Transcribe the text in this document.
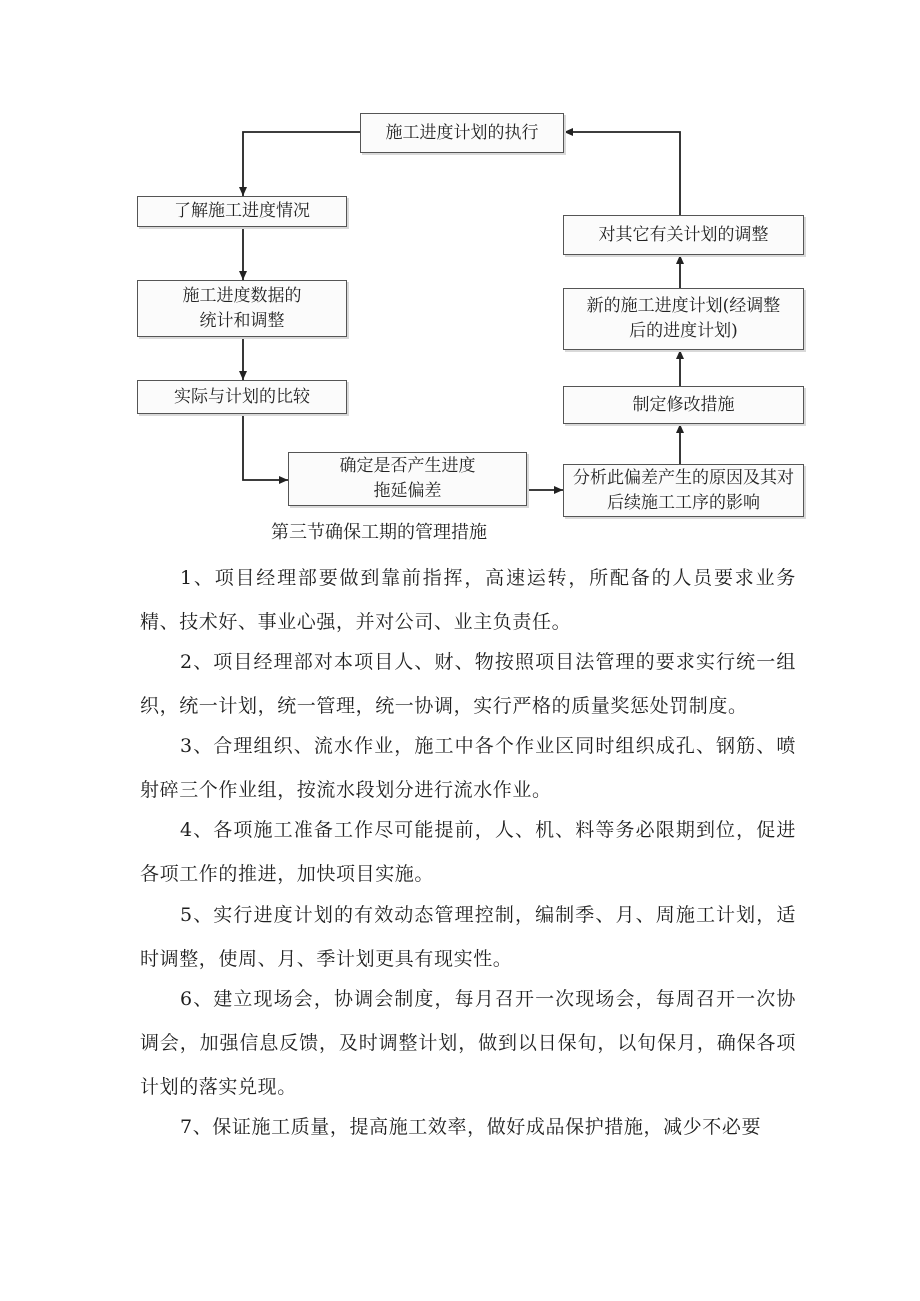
施工进度计划的执行
了解施工进度情况
施工进度数据的
统计和调整
实际与计划的比较
确定是否产生进度
拖延偏差
分析此偏差产生的原因及其对
后续施工工序的影响
制定修改措施
新的施工进度计划(经调整
后的进度计划)
对其它有关计划的调整
第三节确保工期的管理措施

1、项目经理部要做到靠前指挥，高速运转，所配备的人员要求业务精、技术好、事业心强，并对公司、业主负责任。

2、项目经理部对本项目人、财、物按照项目法管理的要求实行统一组织，统一计划，统一管理，统一协调，实行严格的质量奖惩处罚制度。

3、合理组织、流水作业，施工中各个作业区同时组织成孔、钢筋、喷射碎三个作业组，按流水段划分进行流水作业。

4、各项施工准备工作尽可能提前，人、机、料等务必限期到位，促进各项工作的推进，加快项目实施。

5、实行进度计划的有效动态管理控制，编制季、月、周施工计划，适时调整，使周、月、季计划更具有现实性。

6、建立现场会，协调会制度，每月召开一次现场会，每周召开一次协调会，加强信息反馈，及时调整计划，做到以日保旬，以旬保月，确保各项计划的落实兑现。

7、保证施工质量，提高施工效率，做好成品保护措施，减少不必要
